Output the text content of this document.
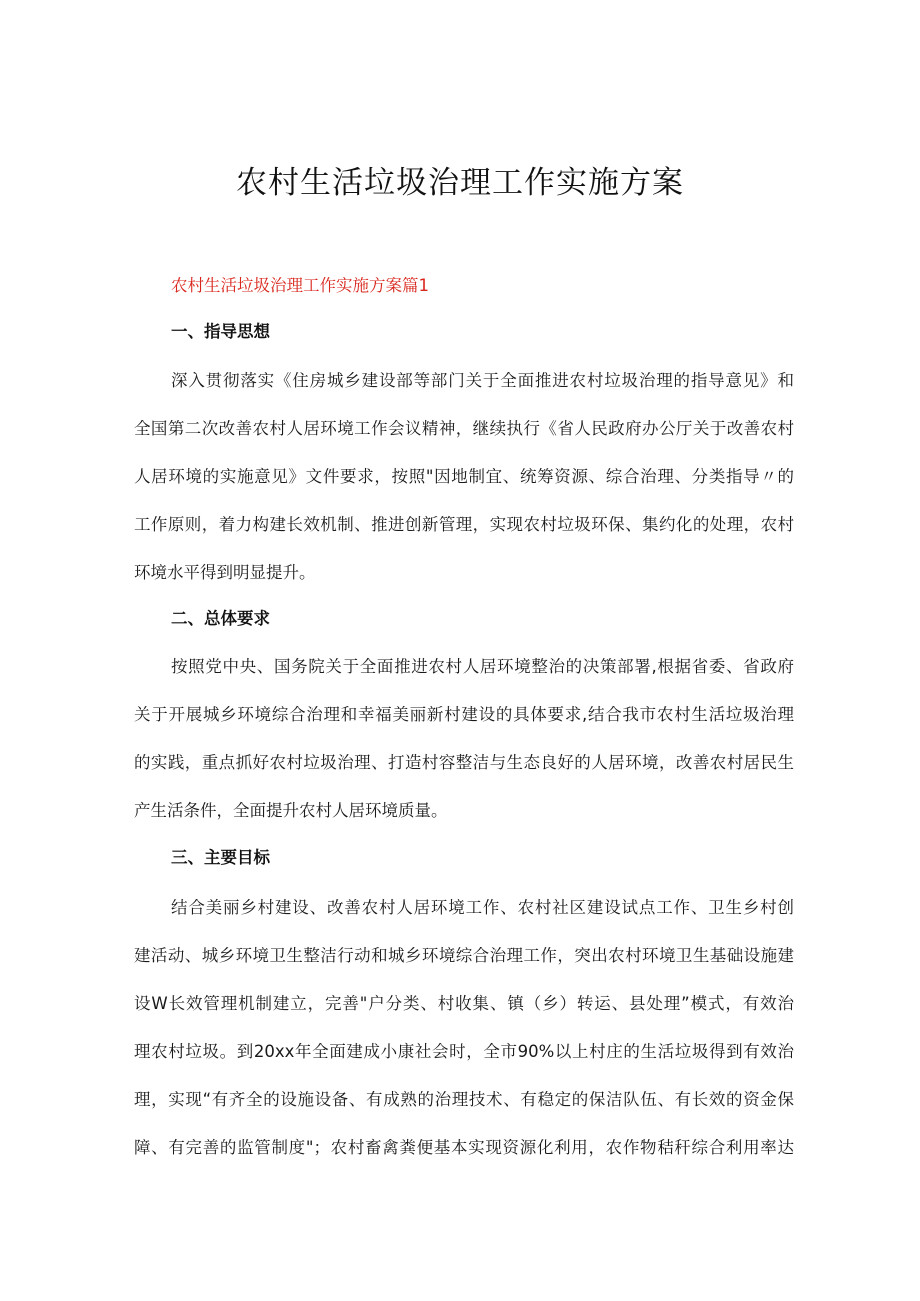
农村生活垃圾治理工作实施方案
农村生活垃圾治理工作实施方案篇1
一、指导思想
深入贯彻落实《住房城乡建设部等部门关于全面推进农村垃圾治理的指导意见》和
全国第二次改善农村人居环境工作会议精神，继续执行《省人民政府办公厅关于改善农村
人居环境的实施意见》文件要求，按照"因地制宜、统筹资源、综合治理、分类指导〃的
工作原则，着力构建长效机制、推进创新管理，实现农村垃圾环保、集约化的处理，农村
环境水平得到明显提升。
二、总体要求
按照党中央、国务院关于全面推进农村人居环境整治的决策部署,根据省委、省政府
关于开展城乡环境综合治理和幸福美丽新村建设的具体要求,结合我市农村生活垃圾治理
的实践，重点抓好农村垃圾治理、打造村容整洁与生态良好的人居环境，改善农村居民生
产生活条件，全面提升农村人居环境质量。
三、主要目标
结合美丽乡村建设、改善农村人居环境工作、农村社区建设试点工作、卫生乡村创
建活动、城乡环境卫生整洁行动和城乡环境综合治理工作，突出农村环境卫生基础设施建
设W长效管理机制建立，完善"户分类、村收集、镇（乡）转运、县处理”模式，有效治
理农村垃圾。到20xx年全面建成小康社会时，全市90%以上村庄的生活垃圾得到有效治
理，实现“有齐全的设施设备、有成熟的治理技术、有稳定的保洁队伍、有长效的资金保
障、有完善的监管制度"；农村畜禽粪便基本实现资源化利用，农作物秸秆综合利用率达
